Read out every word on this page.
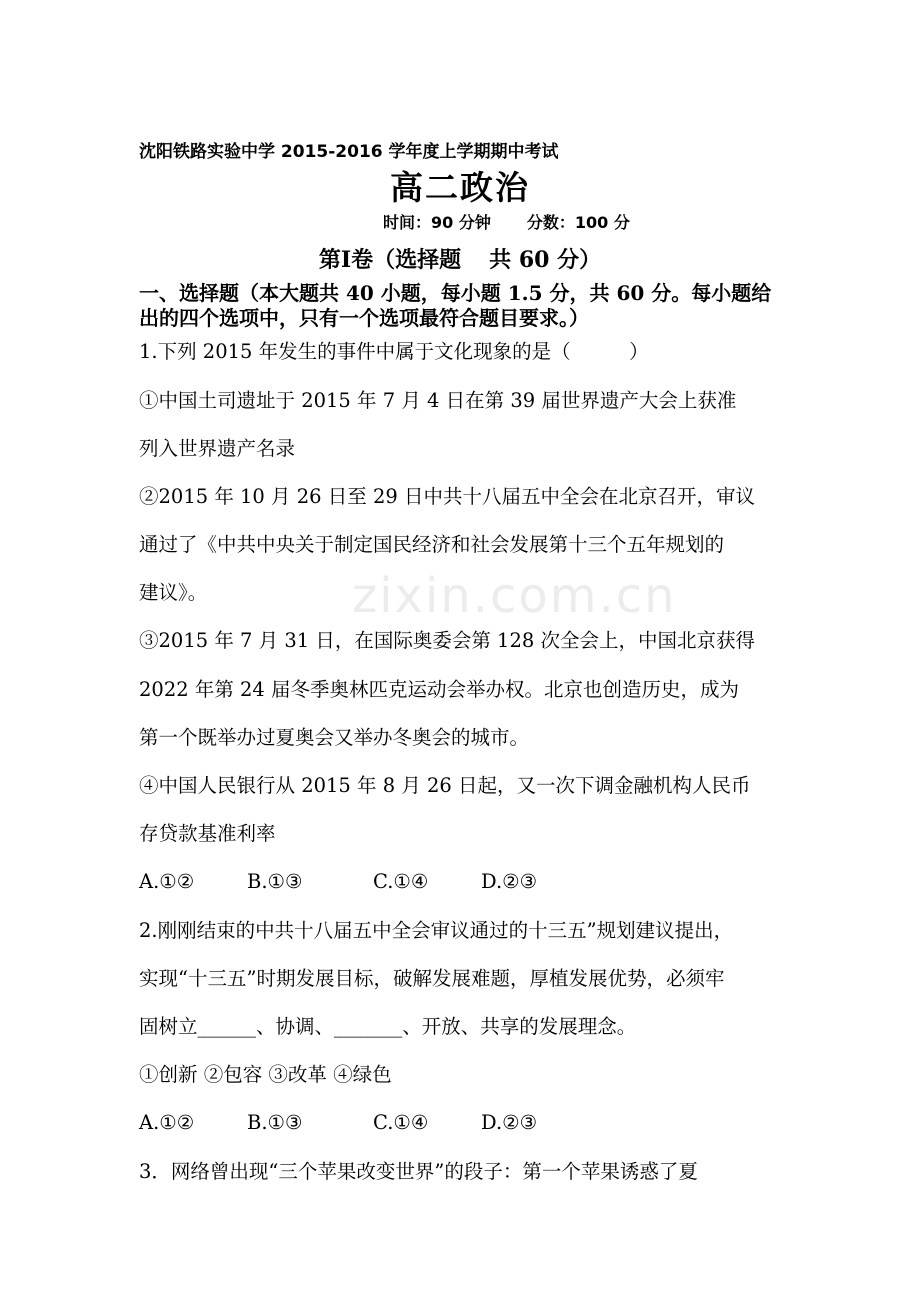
沈阳铁路实验中学 2015-2016 学年度上学期期中考试
高二政治
时间：90 分钟 分数：100 分
第Ⅰ卷（选择题 共 60 分）
一、选择题（本大题共 40 小题，每小题 1.5 分，共 60 分。每小题给出的四个选项中，只有一个选项最符合题目要求。）
1.下列 2015 年发生的事件中属于文化现象的是（　　　）
①中国土司遗址于 2015 年 7 月 4 日在第 39 届世界遗产大会上获准
列入世界遗产名录
②2015 年 10 月 26 日至 29 日中共十八届五中全会在北京召开，审议
通过了《中共中央关于制定国民经济和社会发展第十三个五年规划的
建议》。
③2015 年 7 月 31 日，在国际奥委会第 128 次全会上，中国北京获得
2022 年第 24 届冬季奥林匹克运动会举办权。北京也创造历史，成为
第一个既举办过夏奥会又举办冬奥会的城市。
④中国人民银行从 2015 年 8 月 26 日起，又一次下调金融机构人民币
存贷款基准利率
A.①②	B.①③	C.①④	D.②③
2.刚刚结束的中共十八届五中全会审议通过的十三五”规划建议提出，
实现“十三五”时期发展目标，破解发展难题，厚植发展优势，必须牢
固树立______、协调、_______、开放、共享的发展理念。
①创新 ②包容 ③改革 ④绿色
A.①②	B.①③	C.①④	D.②③
3．网络曾出现“三个苹果改变世界”的段子：第一个苹果诱惑了夏
zixin.com.cn
